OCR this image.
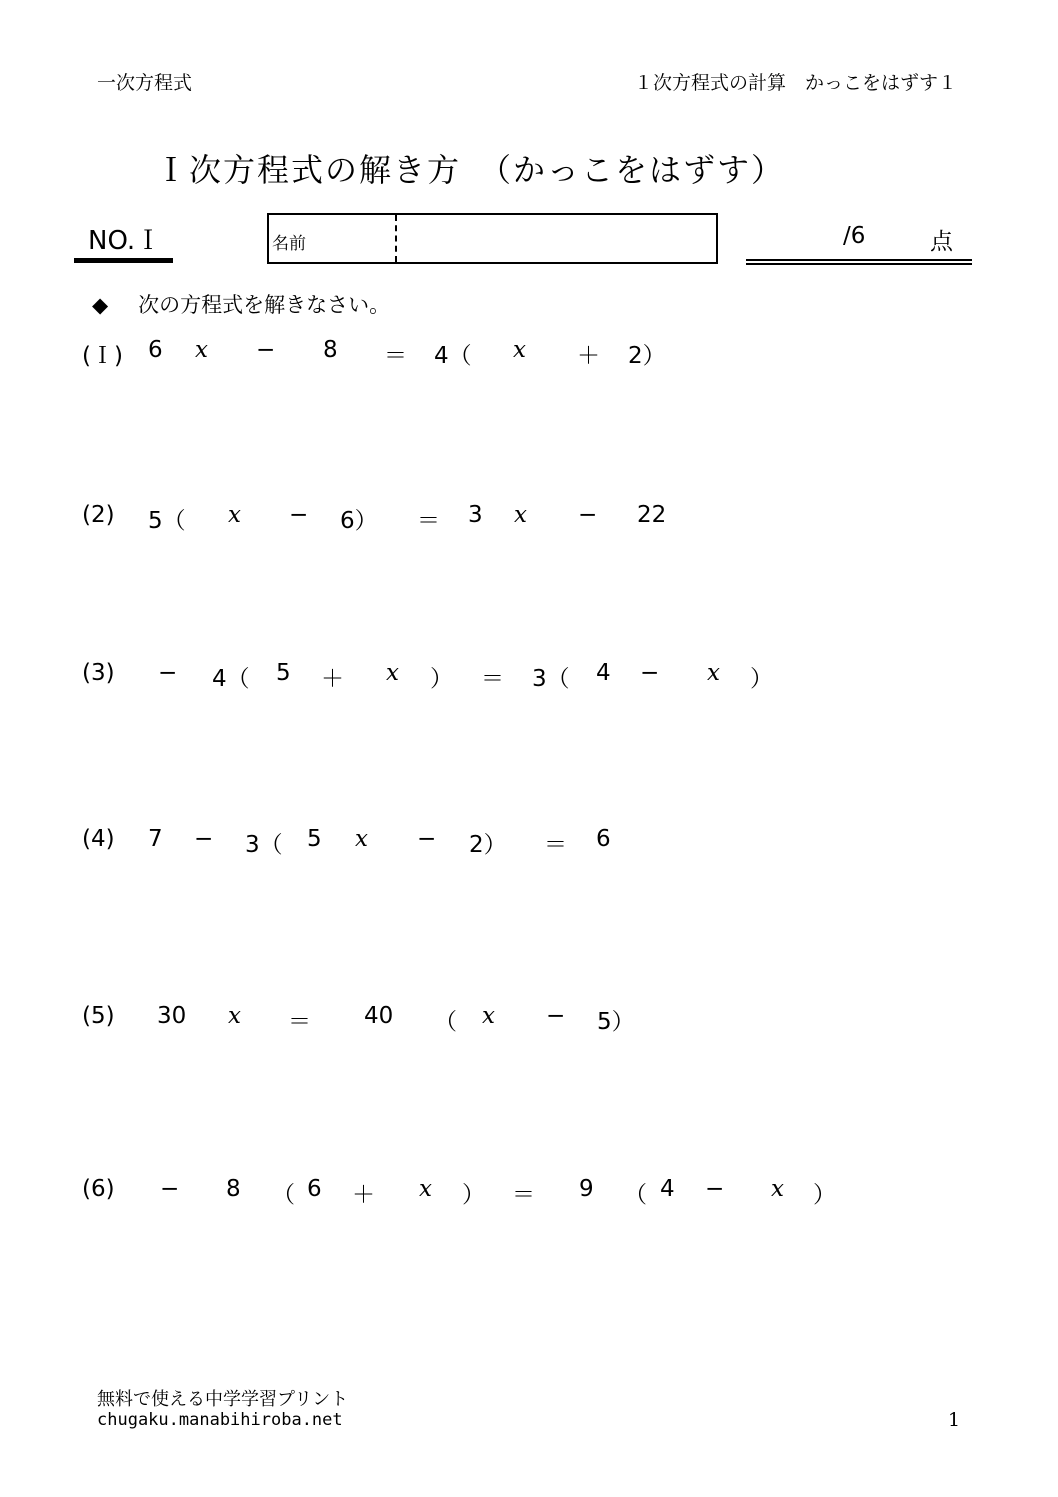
一次方程式	１次方程式の計算　かっこをはずす１
Ｉ次方程式の解き方　（かっこをはずす）
NO.Ｉ	名前	/6	点
◆ 次の方程式を解きなさい。
(Ｉ) 6 x − 8 ＝ 4（ x ＋ 2）
(2) 5（ x − 6） ＝ 3 x − 22
(3) − 4（ 5 ＋ x ） ＝ 3（ 4 − x ）
(4) 7 − 3（ 5 x − 2） ＝ 6
(5) 30 x ＝ 40 （ x − 5）
(6) − 8 （ 6 ＋ x ） ＝ 9 （ 4 − x ）
無料で使える中学学習プリント
chugaku.manabihiroba.net	1
